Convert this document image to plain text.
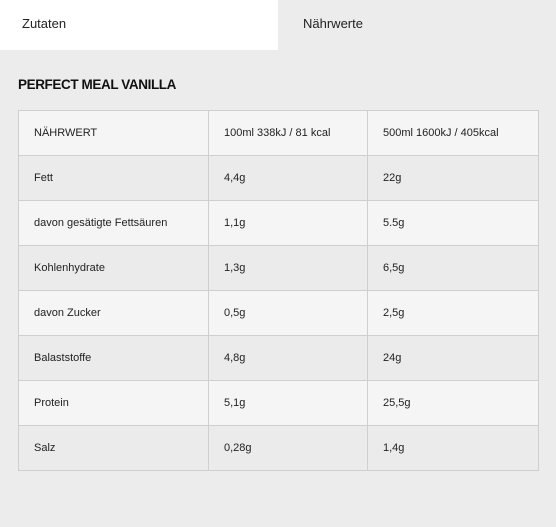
Zutaten	Nährwerte
PERFECT MEAL VANILLA
NÄHRWERT	100ml 338kJ / 81 kcal	500ml 1600kJ / 405kcal
Fett	4,4g	22g
davon gesätigte Fettsäuren	1,1g	5.5g
Kohlenhydrate	1,3g	6,5g
davon Zucker	0,5g	2,5g
Balaststoffe	4,8g	24g
Protein	5,1g	25,5g
Salz	0,28g	1,4g
